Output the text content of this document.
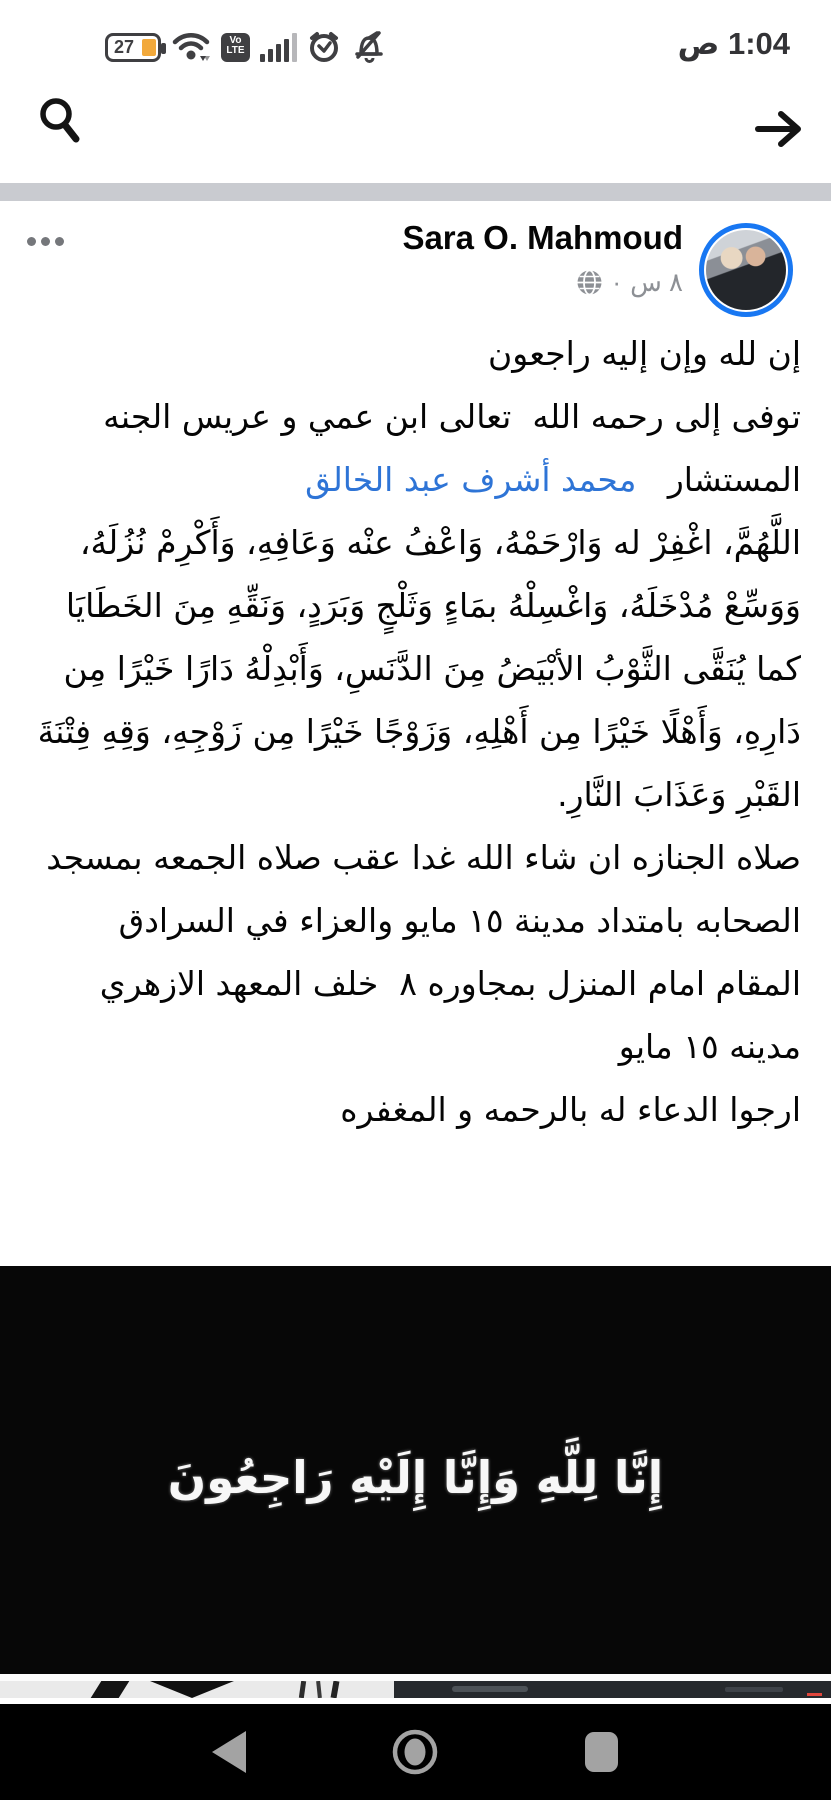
27	Vo
LTE	1:04 ص
Sara O. Mahmoud
٨ س
·
إن لله وإن إليه راجعون
توفى إلى رحمه الله  تعالى ابن عمي و عريس الجنه المستشار   محمد أشرف عبد الخالق
اللَّهُمَّ، اغْفِرْ له وَارْحَمْهُ، وَاعْفُ عنْه وَعَافِهِ، وَأَكْرِمْ نُزُلَهُ، وَوَسِّعْ مُدْخَلَهُ، وَاغْسِلْهُ بمَاءٍ وَثَلْجٍ وَبَرَدٍ، وَنَقِّهِ مِنَ الخَطَايَا كما يُنَقَّى الثَّوْبُ الأبْيَضُ مِنَ الدَّنَسِ، وَأَبْدِلْهُ دَارًا خَيْرًا مِن دَارِهِ، وَأَهْلًا خَيْرًا مِن أَهْلِهِ، وَزَوْجًا خَيْرًا مِن زَوْجِهِ، وَقِهِ فِتْنَةَ القَبْرِ وَعَذَابَ النَّارِ.
صلاه الجنازه ان شاء الله غدا عقب صلاه الجمعه بمسجد الصحابه بامتداد مدينة ١٥ مايو والعزاء في السرادق المقام امام المنزل بمجاوره ٨  خلف المعهد الازهري مدينه ١٥ مايو
ارجوا الدعاء له بالرحمه و المغفره
إِنَّا لِلَّهِ وَإِنَّا إِلَيْهِ رَاجِعُونَ
